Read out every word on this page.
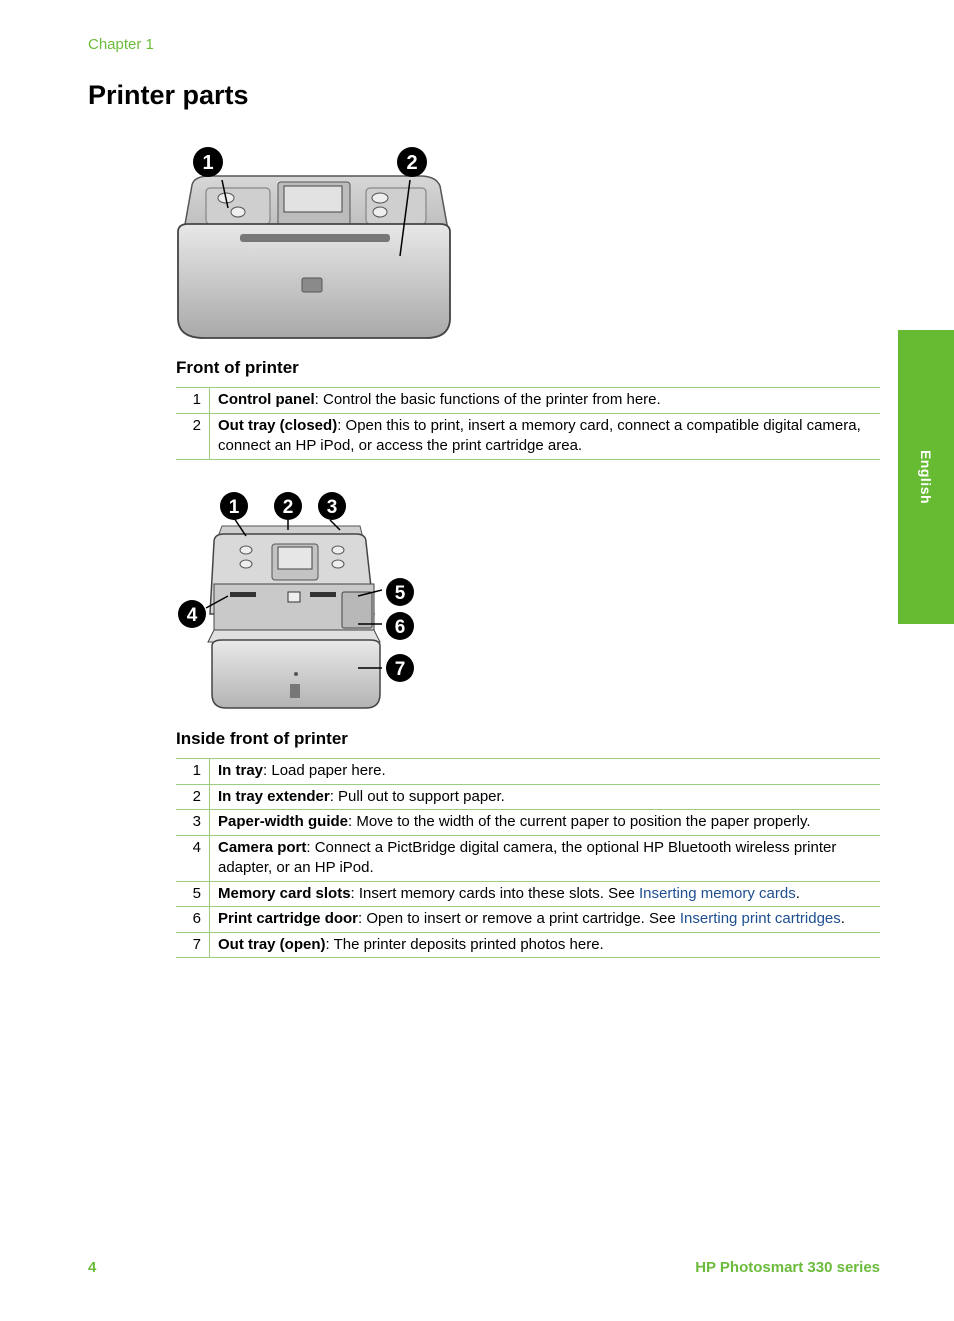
Chapter 1
Printer parts
English
1	2
Front of printer
1	Control panel: Control the basic functions of the printer from here.
2	Out tray (closed): Open this to print, insert a memory card, connect a compatible digital camera, connect an HP iPod, or access the print cartridge area.
1 2 3
4
5
6
7
Inside front of printer
1	In tray: Load paper here.
2	In tray extender: Pull out to support paper.
3	Paper-width guide: Move to the width of the current paper to position the paper properly.
4	Camera port: Connect a PictBridge digital camera, the optional HP Bluetooth wireless printer adapter, or an HP iPod.
5	Memory card slots: Insert memory cards into these slots. See Inserting memory cards.
6	Print cartridge door: Open to insert or remove a print cartridge. See Inserting print cartridges.
7	Out tray (open): The printer deposits printed photos here.
4	HP Photosmart 330 series
